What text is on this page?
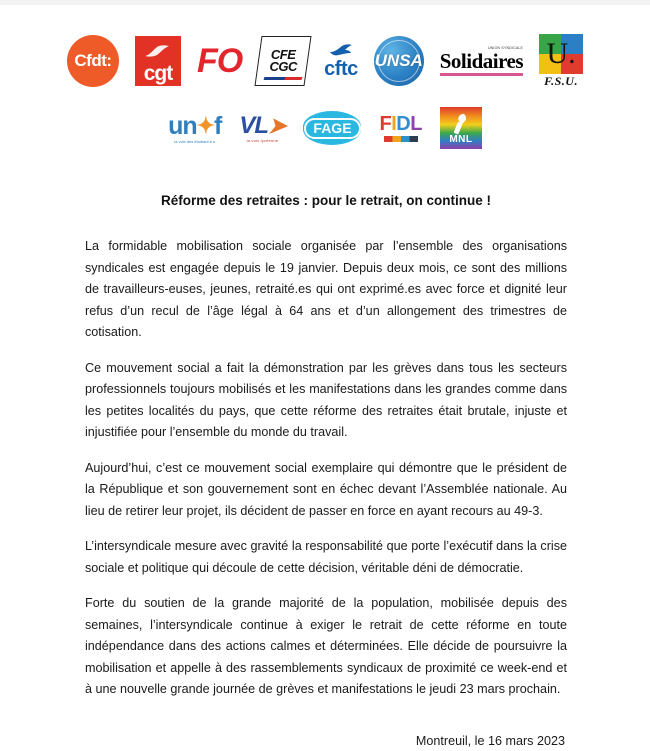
Cfdt:
cgt FO CFE
CGC cftc UNSA
UNION SYNDICALE
Solidaires U.
F.S.U.
un ✦ f
la voix des étudiant.e.s
VL ➤
la voix lycéenne
FAGE	F I D L
MNL
Réforme des retraites : pour le retrait, on continue !

La formidable mobilisation sociale organisée par l’ensemble des organisations syndicales est engagée depuis le 19 janvier. Depuis deux mois, ce sont des millions de travailleurs-euses, jeunes, retraité.es qui ont exprimé.es avec force et dignité leur refus d’un recul de l’âge légal à 64 ans et d’un allongement des trimestres de cotisation.

Ce mouvement social a fait la démonstration par les grèves dans tous les secteurs professionnels toujours mobilisés et les manifestations dans les grandes comme dans les petites localités du pays, que cette réforme des retraites était brutale, injuste et injustifiée pour l’ensemble du monde du travail.

Aujourd’hui, c’est ce mouvement social exemplaire qui démontre que le président de la République et son gouvernement sont en échec devant l’Assemblée nationale. Au lieu de retirer leur projet, ils décident de passer en force en ayant recours au 49-3.

L’intersyndicale mesure avec gravité la responsabilité que porte l’exécutif dans la crise sociale et politique qui découle de cette décision, véritable déni de démocratie.

Forte du soutien de la grande majorité de la population, mobilisée depuis des semaines, l’intersyndicale continue à exiger le retrait de cette réforme en toute indépendance dans des actions calmes et déterminées. Elle décide de poursuivre la mobilisation et appelle à des rassemblements syndicaux de proximité ce week-end et à une nouvelle grande journée de grèves et manifestations le jeudi 23 mars prochain.

Montreuil, le 16 mars 2023
